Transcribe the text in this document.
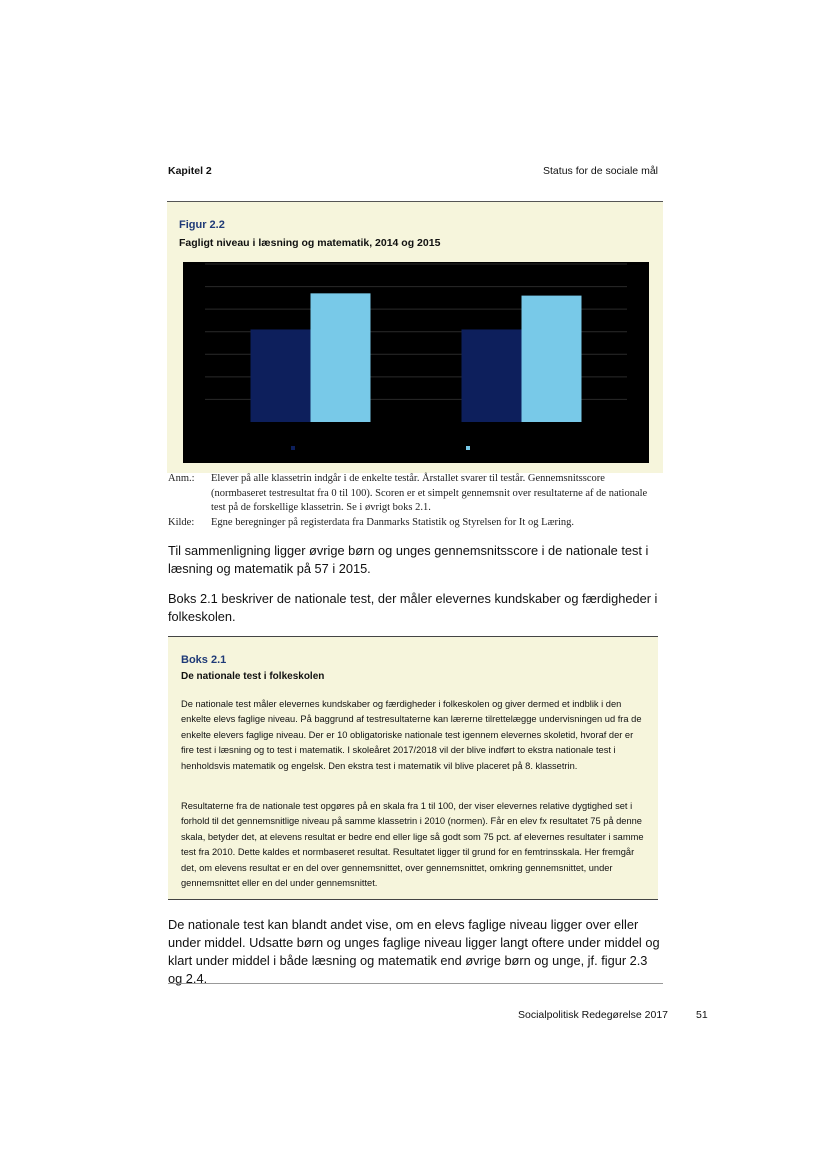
Kapitel 2	Status for de sociale mål
Figur 2.2
Fagligt niveau i læsning og matematik, 2014 og 2015
Anm.:	Elever på alle klassetrin indgår i de enkelte testår. Årstallet svarer til testår. Gennemsnitsscore (normbaseret testresultat fra 0 til 100). Scoren er et simpelt gennemsnit over resultaterne af de nationale test på de forskellige klassetrin. Se i øvrigt boks 2.1.
Kilde:	Egne beregninger på registerdata fra Danmarks Statistik og Styrelsen for It og Læring.
Til sammenligning ligger øvrige børn og unges gennemsnitsscore i de nationale test i læsning og matematik på 57 i 2015.
Boks 2.1 beskriver de nationale test, der måler elevernes kundskaber og færdigheder i folkeskolen.
Boks 2.1
De nationale test i folkeskolen
De nationale test måler elevernes kundskaber og færdigheder i folkeskolen og giver dermed et indblik i den enkelte elevs faglige niveau. På baggrund af testresultaterne kan lærerne tilrettelægge undervisningen ud fra de enkelte elevers faglige niveau. Der er 10 obligatoriske nationale test igennem elevernes skoletid, hvoraf der er fire test i læsning og to test i matematik. I skoleåret 2017/2018 vil der blive indført to ekstra nationale test i henholdsvis matematik og engelsk. Den ekstra test i matematik vil blive placeret på 8. klassetrin.
Resultaterne fra de nationale test opgøres på en skala fra 1 til 100, der viser elevernes relative dygtighed set i forhold til det gennemsnitlige niveau på samme klassetrin i 2010 (normen). Får en elev fx resultatet 75 på denne skala, betyder det, at elevens resultat er bedre end eller lige så godt som 75 pct. af elevernes resultater i samme test fra 2010. Dette kaldes et normbaseret resultat. Resultatet ligger til grund for en femtrinsskala. Her fremgår det, om elevens resultat er en del over gennemsnittet, over gennemsnittet, omkring gennemsnittet, under gennemsnittet eller en del under gennemsnittet.
De nationale test kan blandt andet vise, om en elevs faglige niveau ligger over eller under middel. Udsatte børn og unges faglige niveau ligger langt oftere under middel og klart under middel i både læsning og matematik end øvrige børn og unge, jf. figur 2.3 og 2.4.
Socialpolitisk Redegørelse 2017	51
